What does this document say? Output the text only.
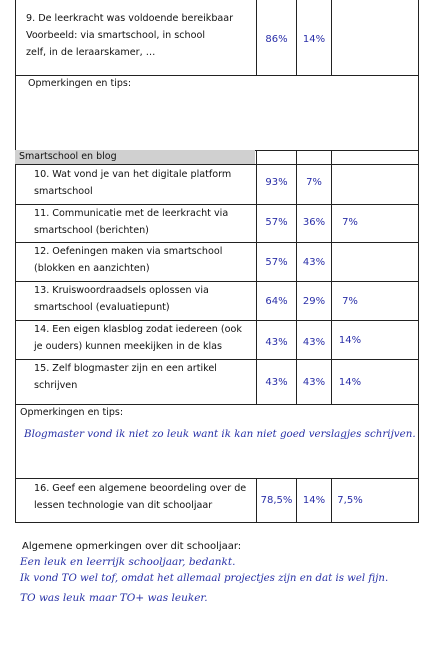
9. De leerkracht was voldoende bereikbaar
Voorbeeld: via smartschool, in school
zelf, in de leraarskamer, …
86%	14%
Opmerkingen en tips:
Smartschool en blog
10. Wat vond je van het digitale platform
smartschool
93%	7%
11. Communicatie met de leerkracht via
smartschool (berichten)
57%	36%	7%
12. Oefeningen maken via smartschool
(blokken en aanzichten)
57%	43%
13. Kruiswoordraadsels oplossen via
smartschool (evaluatiepunt)
64%	29%	7%
14. Een eigen klasblog zodat iedereen (ook
je ouders) kunnen meekijken in de klas	43%	43%	14%
15. Zelf blogmaster zijn en een artikel
schrijven	43%	43%	14%
Opmerkingen en tips:
Blogmaster vond ik niet zo leuk want ik kan niet goed verslagjes schrijven.
16. Geef een algemene beoordeling over de
lessen technologie van dit schooljaar	78,5%	14%	7,5%
Algemene opmerkingen over dit schooljaar:
Een leuk en leerrijk schooljaar, bedankt.
Ik vond TO wel tof, omdat het allemaal projectjes zijn en dat is wel fijn.
TO was leuk maar TO+ was leuker.
